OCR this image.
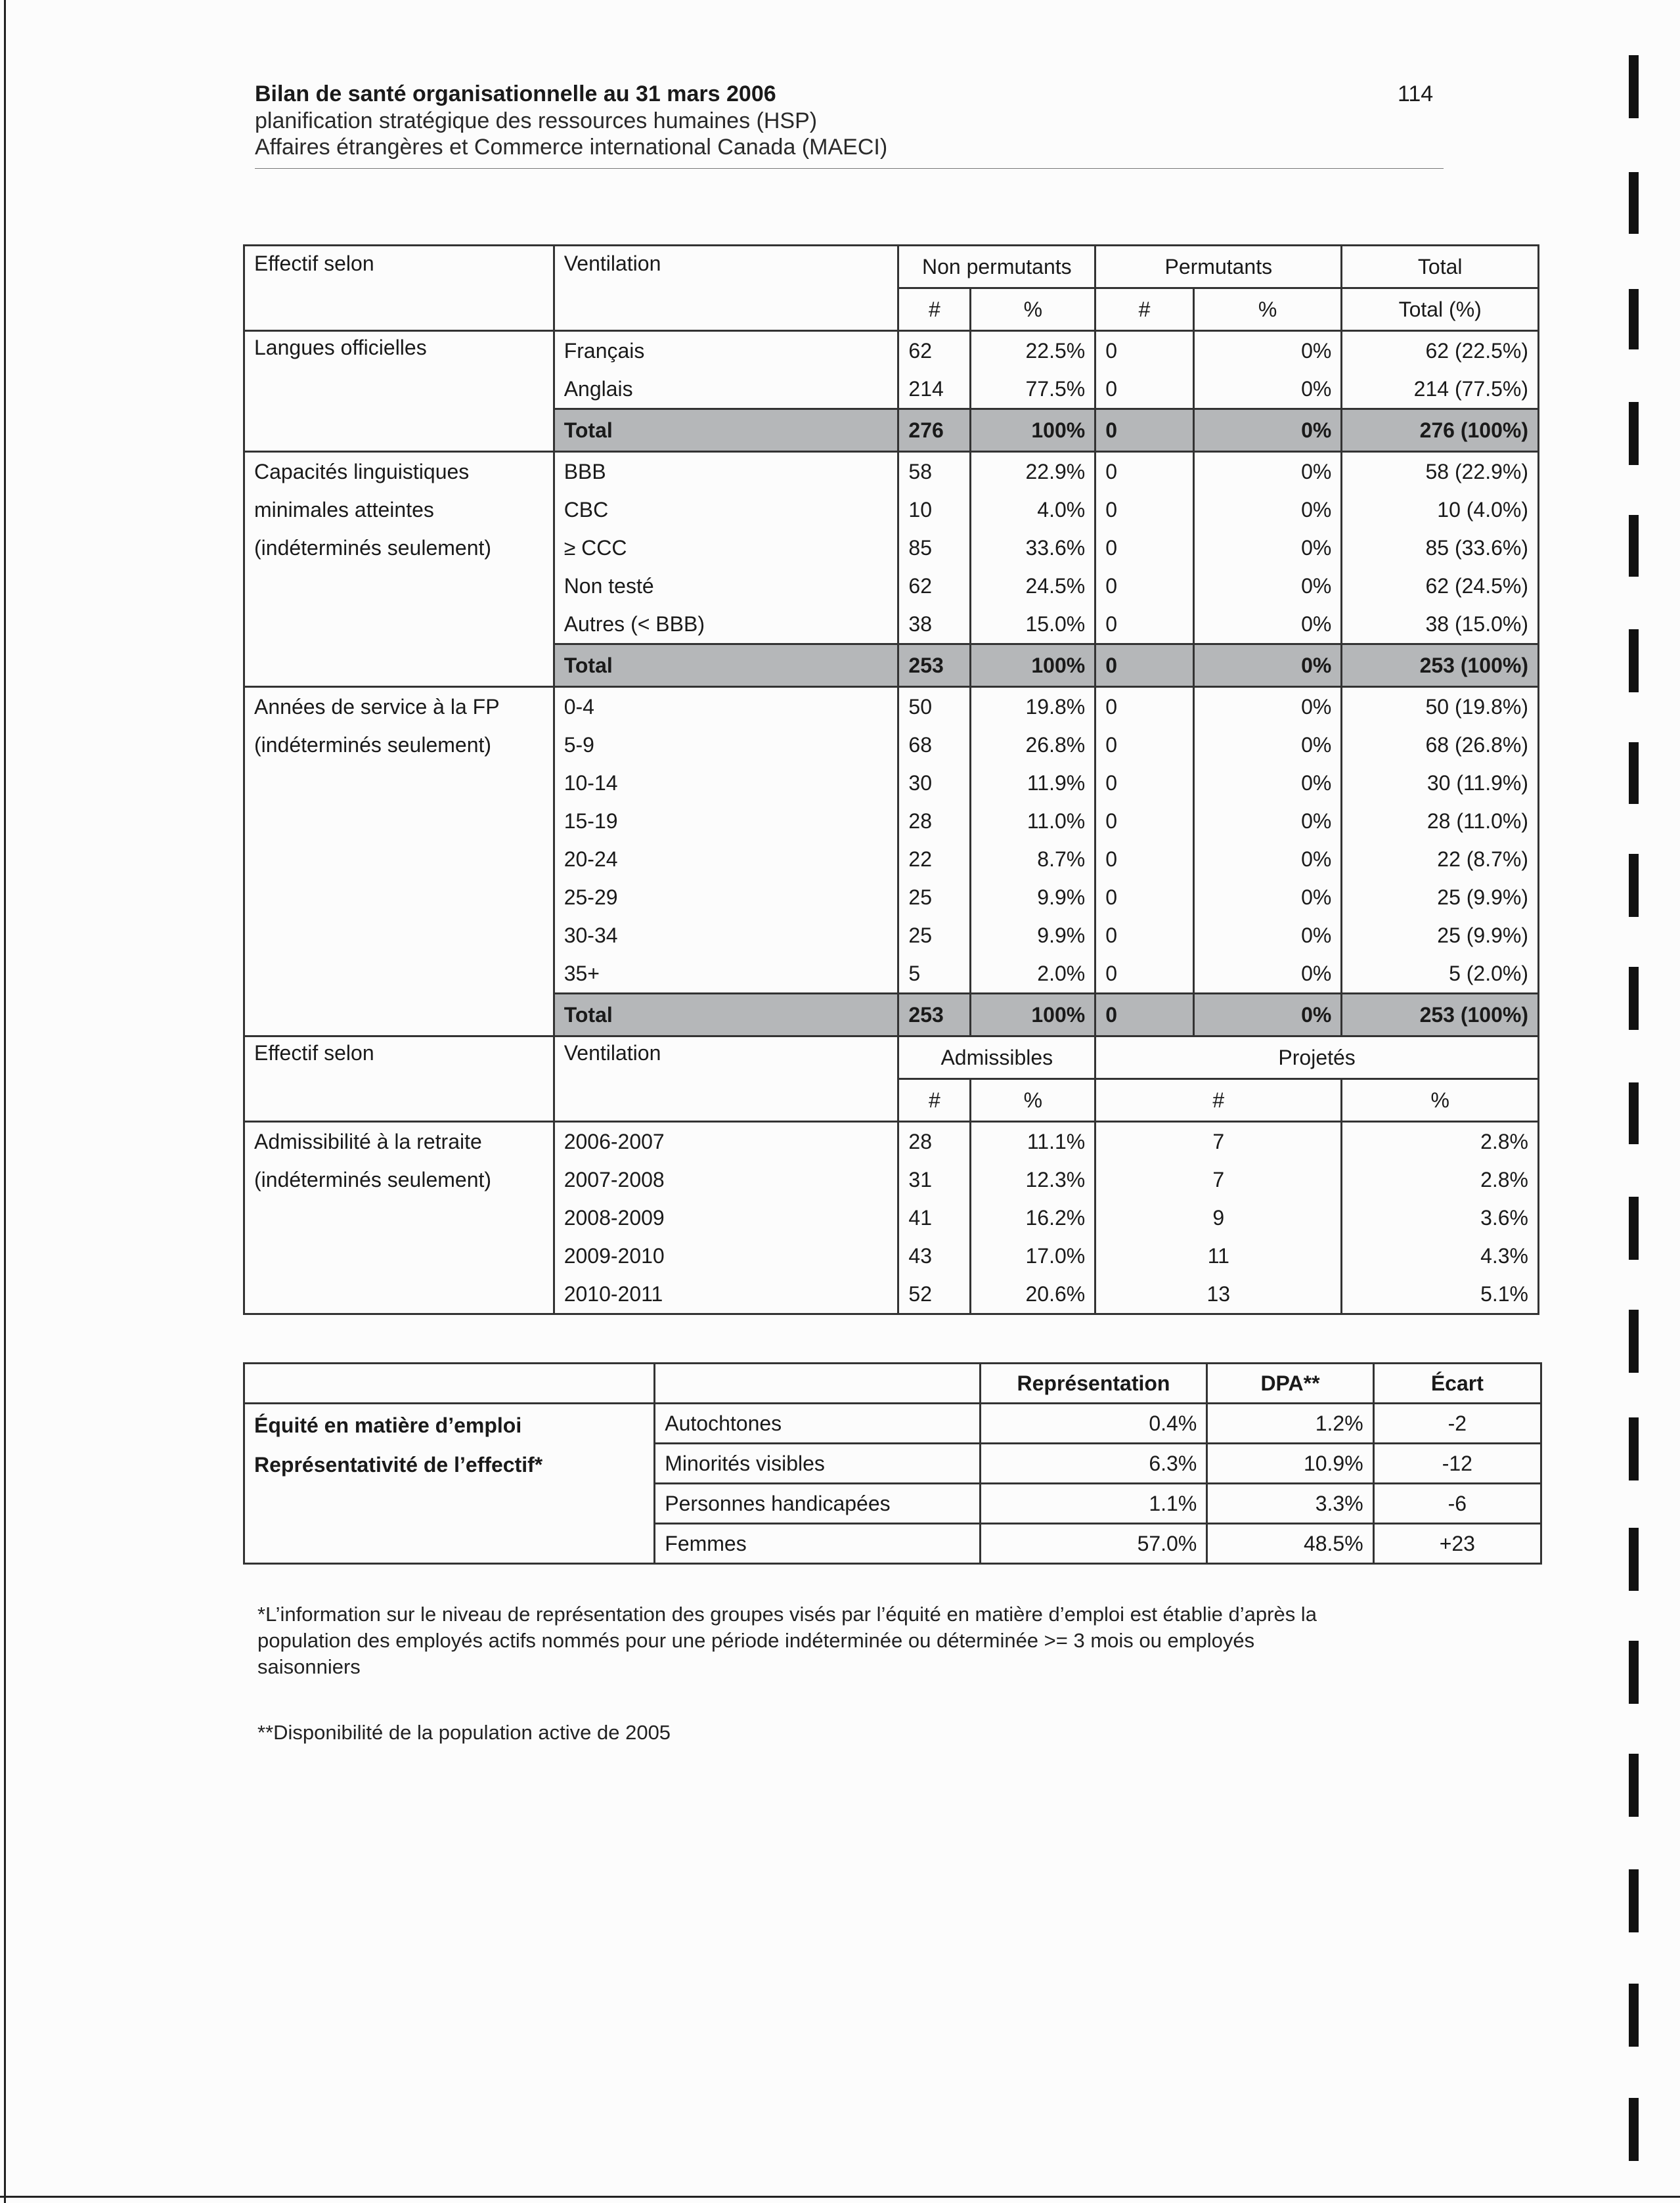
Bilan de santé organisationnelle au 31 mars 2006
planification stratégique des ressources humaines (HSP)
Affaires étrangères et Commerce international Canada (MAECI)
114
Effectif selon	Ventilation	Non permutants		Permutants		Total
		#	%	#	%	Total (%)
Langues officielles	Français	62	22.5%	0	0%	62 (22.5%)
	Anglais	214	77.5%	0	0%	214 (77.5%)
	Total	276	100%	0	0%	276 (100%)
Capacités linguistiques
minimales atteintes
(indéterminés seulement)	BBB	58	22.9%	0	0%	58 (22.9%)
	CBC	10	4.0%	0	0%	10 (4.0%)
	≥ CCC	85	33.6%	0	0%	85 (33.6%)
	Non testé	62	24.5%	0	0%	62 (24.5%)
	Autres (< BBB)	38	15.0%	0	0%	38 (15.0%)
	Total	253	100%	0	0%	253 (100%)
Années de service à la FP
(indéterminés seulement)	0-4	50	19.8%	0	0%	50 (19.8%)
	5-9	68	26.8%	0	0%	68 (26.8%)
	10-14	30	11.9%	0	0%	30 (11.9%)
	15-19	28	11.0%	0	0%	28 (11.0%)
	20-24	22	8.7%	0	0%	22 (8.7%)
	25-29	25	9.9%	0	0%	25 (9.9%)
	30-34	25	9.9%	0	0%	25 (9.9%)
	35+	5	2.0%	0	0%	5 (2.0%)
	Total	253	100%	0	0%	253 (100%)
Effectif selon	Ventilation	Admissibles		Projetés		
		#	%	#		%
Admissibilité à la retraite
(indéterminés seulement)	2006-2007	28	11.1%	7		2.8%
	2007-2008	31	12.3%	7		2.8%
	2008-2009	41	16.2%	9		3.6%
	2009-2010	43	17.0%	11		4.3%
	2010-2011	52	20.6%	13		5.1%
		Représentation	DPA**	Écart
Équité en matière d’emploi
Représentativité de l’effectif*	Autochtones	0.4%	1.2%	-2
	Minorités visibles	6.3%	10.9%	-12
	Personnes handicapées	1.1%	3.3%	-6
	Femmes	57.0%	48.5%	+23
*L’information sur le niveau de représentation des groupes visés par l’équité en matière d’emploi est établie d’après la
population des employés actifs nommés pour une période indéterminée ou déterminée >= 3 mois ou employés
saisonniers
**Disponibilité de la population active de 2005
